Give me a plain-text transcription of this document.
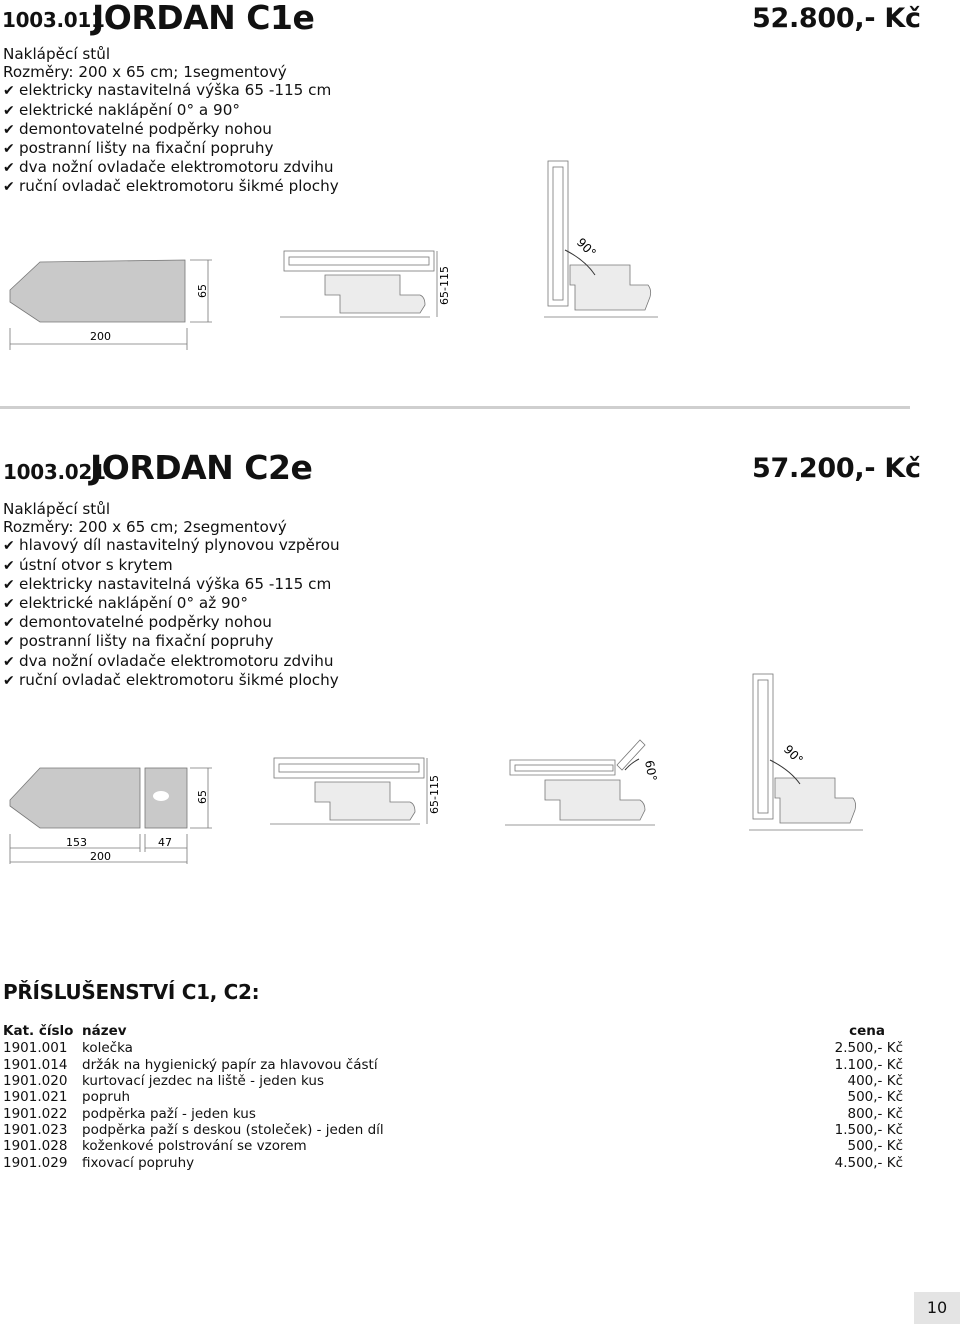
1003.011
JORDAN C1e	52.800,- Kč
Naklápěcí stůl
Rozměry: 200 x 65 cm; 1segmentový
✔ elektricky nastavitelná výška 65 -115 cm
✔ elektrické naklápění 0° a 90°
✔ demontovatelné podpěrky nohou
✔ postranní lišty na fixační popruhy
✔ dva nožní ovladače elektromotoru zdvihu
✔ ruční ovladač elektromotoru šikmé plochy
65
200
65-115
90°
1003.021
JORDAN C2e	57.200,- Kč
Naklápěcí stůl
Rozměry: 200 x 65 cm; 2segmentový
✔ hlavový díl nastavitelný plynovou vzpěrou
✔ ústní otvor s krytem
✔ elektricky nastavitelná výška 65 -115 cm
✔ elektrické naklápění 0° až 90°
✔ demontovatelné podpěrky nohou
✔ postranní lišty na fixační popruhy
✔ dva nožní ovladače elektromotoru zdvihu
✔ ruční ovladač elektromotoru šikmé plochy
65
153	47
200
65-115
60°
90°
PŘÍSLUŠENSTVÍ C1, C2:
Kat. číslo název	cena
1901.001 kolečka	2.500,- Kč
1901.014 držák na hygienický papír za hlavovou částí	1.100,- Kč
1901.020 kurtovací jezdec na liště - jeden kus	400,- Kč
1901.021 popruh	500,- Kč
1901.022 podpěrka paží - jeden kus	800,- Kč
1901.023 podpěrka paží s deskou (stoleček) - jeden díl	1.500,- Kč
1901.028 koženkové polstrování se vzorem	500,- Kč
1901.029 fixovací popruhy	4.500,- Kč
10
